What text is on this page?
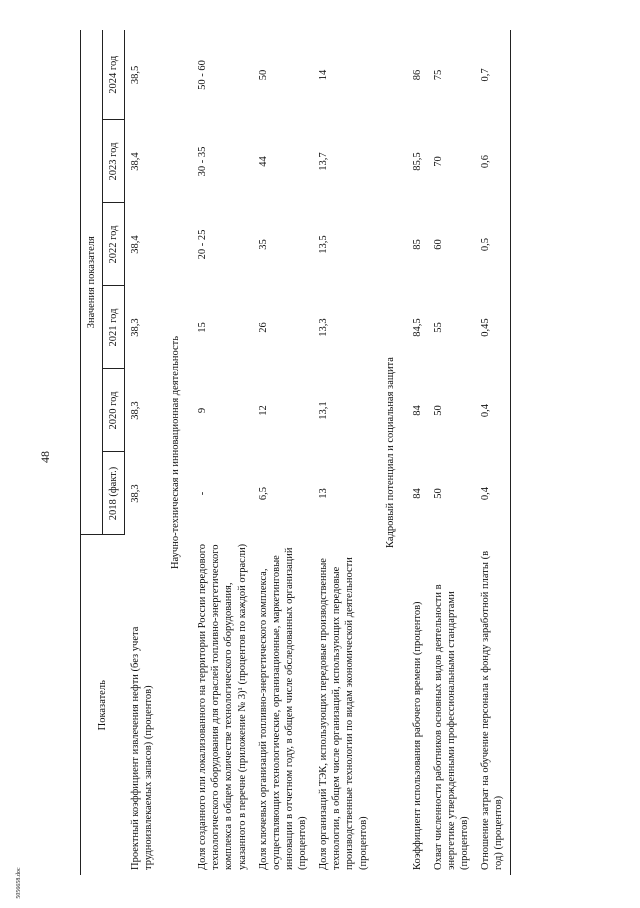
48
Показатель	Значения показателя					
	2018 (факт.)	2020 год	2021 год	2022 год	2023 год	2024 год
Проектный коэффициент извлечения нефти (без учета трудноизвлекаемых запасов) (процентов)	38,3	38,3	38,3	38,4	38,4	38,5
Научно-техническая и инновационная деятельность						
Доля созданного или локализованного на территории России передового технологического оборудования для отраслей топливно-энергетического комплекса в общем количестве технологического оборудования, указанного в перечне (приложение № 3)¹ (процентов по каждой отрасли)	-	9	15	20 - 25	30 - 35	50 - 60
Доля ключевых организаций топливно-энергетического комплекса, осуществляющих технологические, организационные, маркетинговые инновации в отчетном году, в общем числе обследованных организаций (процентов)	6,5	12	26	35	44	50
Доля организаций ТЭК, использующих передовые производственные технологии, в общем числе организаций, использующих передовые производственные технологии по видам экономической деятельности (процентов)	13	13,1	13,3	13,5	13,7	14
Кадровый потенциал и социальная защита						
Коэффициент использования рабочего времени (процентов)	84	84	84,5	85	85,5	86
Охват численности работников основных видов деятельности в энергетике утвержденными профессиональными стандартами (процентов)	50	50	55	60	70	75
Отношение затрат на обучение персонала к фонду заработной платы (в год) (процентов)	0,4	0,4	0,45	0,5	0,6	0,7
5056658.doc
